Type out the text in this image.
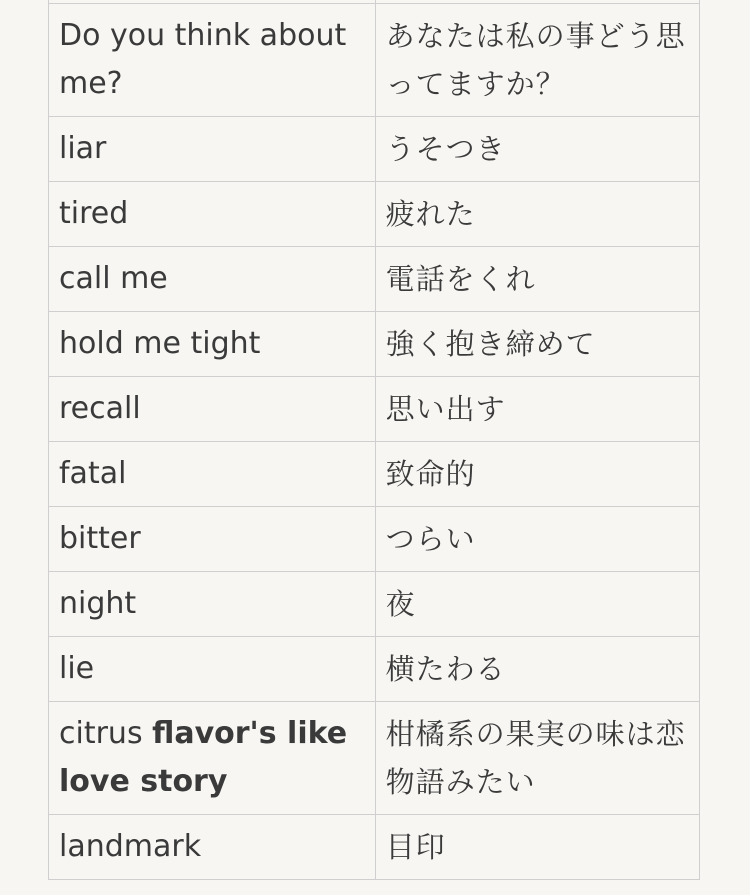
Do you think about me?	あなたは私の事どう思ってますか？
liar	うそつき
tired	疲れた
call me	電話をくれ
hold me tight	強く抱き締めて
recall	思い出す
fatal	致命的
bitter	つらい
night	夜
lie	横たわる
citrus flavor's like love story	柑橘系の果実の味は恋物語みたい
landmark	目印
